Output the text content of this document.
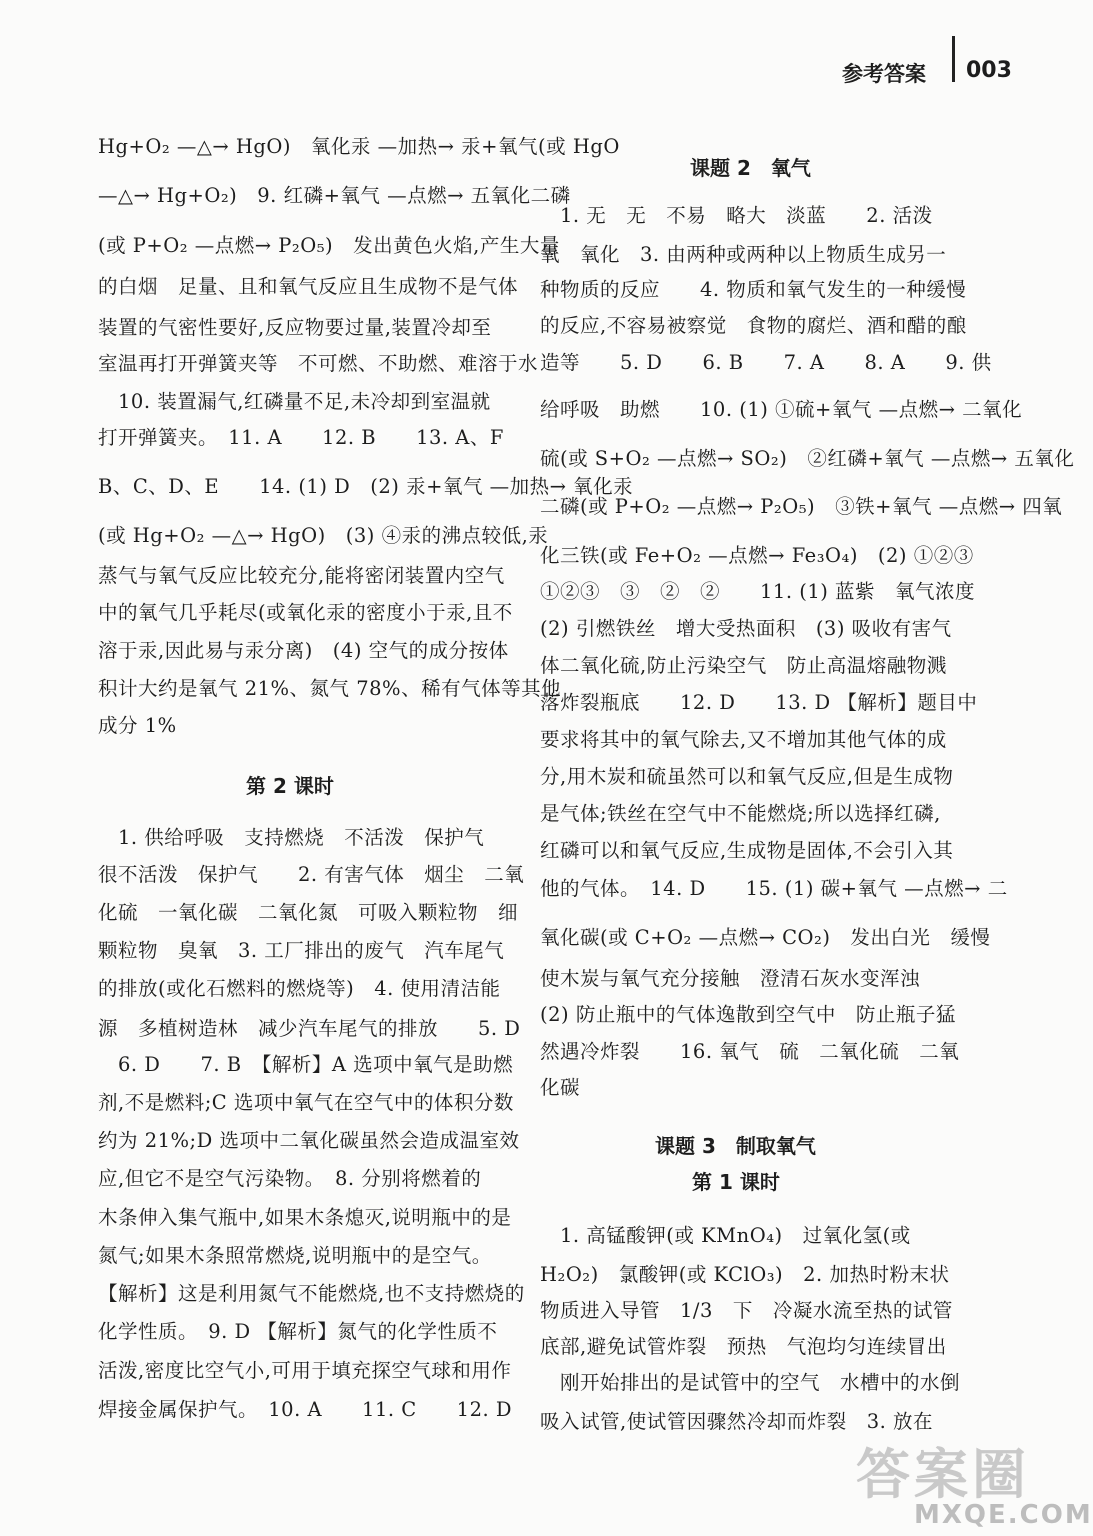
参考答案 003
Hg+O₂ —△→ HgO)　氧化汞 —加热→ 汞+氧气(或 HgO
—△→ Hg+O₂)　9. 红磷+氧气 —点燃→ 五氧化二磷
(或 P+O₂ —点燃→ P₂O₅)　发出黄色火焰,产生大量
的白烟　足量、且和氧气反应且生成物不是气体
装置的气密性要好,反应物要过量,装置冷却至
室温再打开弹簧夹等　不可燃、不助燃、难溶于水
　10. 装置漏气,红磷量不足,未冷却到室温就
打开弹簧夹。　11. A　　12. B　　13. A、F
B、C、D、E　　14. (1) D　(2) 汞+氧气 —加热→ 氧化汞
(或 Hg+O₂ —△→ HgO)　(3) ④汞的沸点较低,汞
蒸气与氧气反应比较充分,能将密闭装置内空气
中的氧气几乎耗尽(或氧化汞的密度小于汞,且不
溶于汞,因此易与汞分离)　(4) 空气的成分按体
积计大约是氧气 21%、氮气 78%、稀有气体等其他
成分 1%
第 2 课时
　1. 供给呼吸　支持燃烧　不活泼　保护气
很不活泼　保护气　　2. 有害气体　烟尘　二氧
化硫　一氧化碳　二氧化氮　可吸入颗粒物　细
颗粒物　臭氧　3. 工厂排出的废气　汽车尾气
的排放(或化石燃料的燃烧等)　4. 使用清洁能
源　多植树造林　减少汽车尾气的排放　　5. D
　6. D　　7. B　【解析】A 选项中氧气是助燃
剂,不是燃料;C 选项中氧气在空气中的体积分数
约为 21%;D 选项中二氧化碳虽然会造成温室效
应,但它不是空气污染物。　8. 分别将燃着的
木条伸入集气瓶中,如果木条熄灭,说明瓶中的是
氮气;如果木条照常燃烧,说明瓶中的是空气。
【解析】这是利用氮气不能燃烧,也不支持燃烧的
化学性质。　9. D 【解析】氮气的化学性质不
活泼,密度比空气小,可用于填充探空气球和用作
焊接金属保护气。　10. A　　11. C　　12. D
课题 2　氧气
　1. 无　无　不易　略大　淡蓝　　2. 活泼
氧　氧化　3. 由两种或两种以上物质生成另一
种物质的反应　　4. 物质和氧气发生的一种缓慢
的反应,不容易被察觉　食物的腐烂、酒和醋的酿
造等　　5. D　　6. B　　7. A　　8. A　　9. 供
给呼吸　助燃　　10. (1) ①硫+氧气 —点燃→ 二氧化
硫(或 S+O₂ —点燃→ SO₂)　②红磷+氧气 —点燃→ 五氧化
二磷(或 P+O₂ —点燃→ P₂O₅)　③铁+氧气 —点燃→ 四氧
化三铁(或 Fe+O₂ —点燃→ Fe₃O₄)　(2) ①②③
①②③　③　②　②　　11. (1) 蓝紫　氧气浓度
(2) 引燃铁丝　增大受热面积　(3) 吸收有害气
体二氧化硫,防止污染空气　防止高温熔融物溅
落炸裂瓶底　　12. D　　13. D 【解析】题目中
要求将其中的氧气除去,又不增加其他气体的成
分,用木炭和硫虽然可以和氧气反应,但是生成物
是气体;铁丝在空气中不能燃烧;所以选择红磷,
红磷可以和氧气反应,生成物是固体,不会引入其
他的气体。　14. D　　15. (1) 碳+氧气 —点燃→ 二
氧化碳(或 C+O₂ —点燃→ CO₂)　发出白光　缓慢
使木炭与氧气充分接触　澄清石灰水变浑浊
(2) 防止瓶中的气体逸散到空气中　防止瓶子猛
然遇冷炸裂　　16. 氧气　硫　二氧化硫　二氧
化碳
课题 3　制取氧气
第 1 课时
　1. 高锰酸钾(或 KMnO₄)　过氧化氢(或
H₂O₂)　氯酸钾(或 KClO₃)　2. 加热时粉末状
物质进入导管　1/3　下　冷凝水流至热的试管
底部,避免试管炸裂　预热　气泡均匀连续冒出
　刚开始排出的是试管中的空气　水槽中的水倒
吸入试管,使试管因骤然冷却而炸裂　3. 放在
答案圈
MXQE.COM
